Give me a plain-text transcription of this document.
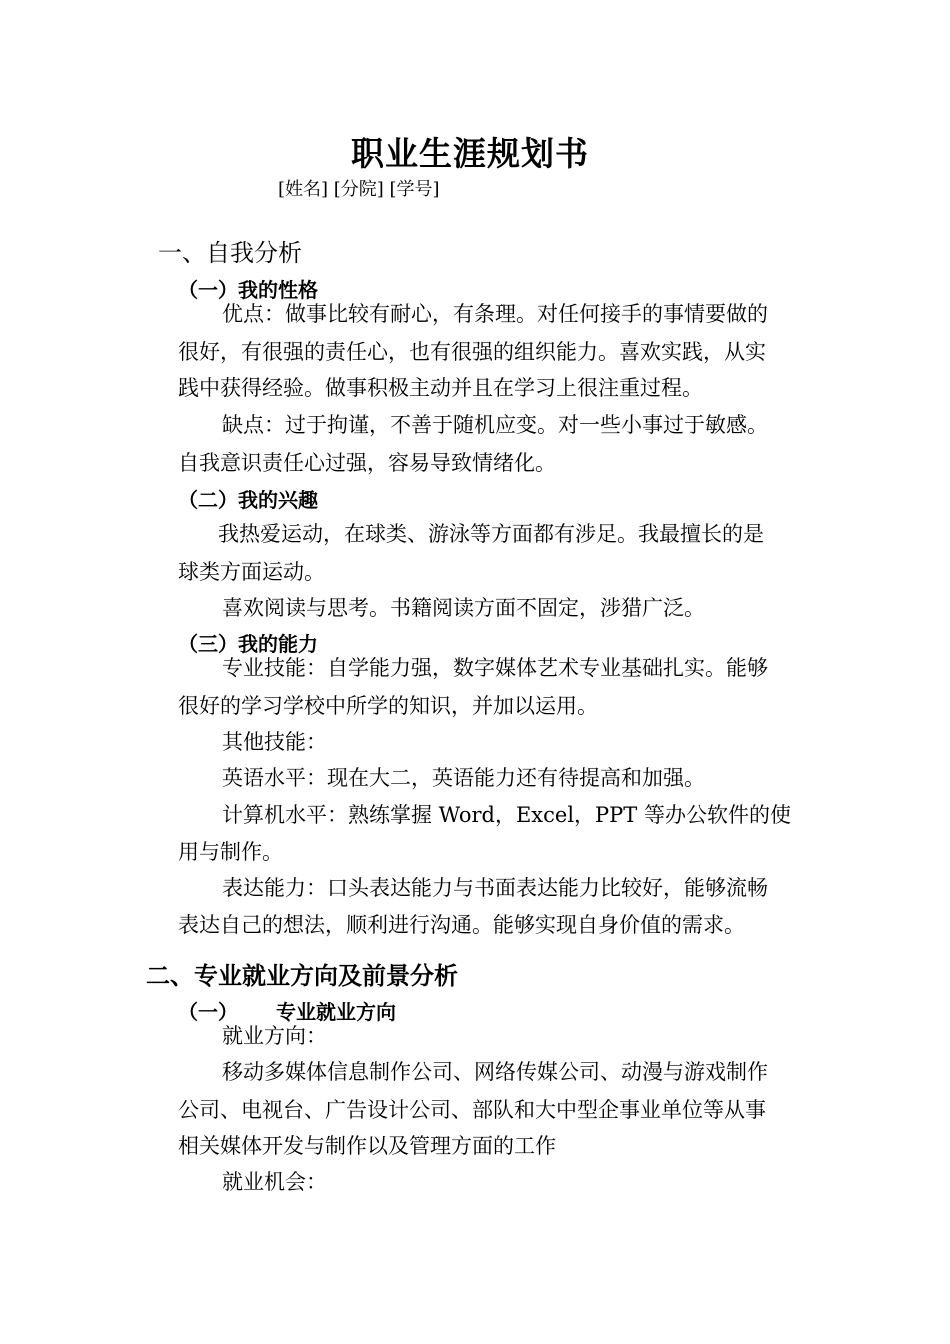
职业生涯规划书
[姓名] [分院] [学号]
一、自我分析
（一）我的性格
优点：做事比较有耐心，有条理。对任何接手的事情要做的
很好，有很强的责任心，也有很强的组织能力。喜欢实践，从实
践中获得经验。做事积极主动并且在学习上很注重过程。
缺点：过于拘谨，不善于随机应变。对一些小事过于敏感。
自我意识责任心过强，容易导致情绪化。
（二）我的兴趣
我热爱运动，在球类、游泳等方面都有涉足。我最擅长的是
球类方面运动。
喜欢阅读与思考。书籍阅读方面不固定，涉猎广泛。
（三）我的能力
专业技能：自学能力强，数字媒体艺术专业基础扎实。能够
很好的学习学校中所学的知识，并加以运用。
其他技能：
英语水平：现在大二，英语能力还有待提高和加强。
计算机水平：熟练掌握 Word，Excel，PPT 等办公软件的使
用与制作。
表达能力：口头表达能力与书面表达能力比较好，能够流畅
表达自己的想法，顺利进行沟通。能够实现自身价值的需求。
二、专业就业方向及前景分析
（一） 专业就业方向
就业方向：
移动多媒体信息制作公司、网络传媒公司、动漫与游戏制作
公司、电视台、广告设计公司、部队和大中型企事业单位等从事
相关媒体开发与制作以及管理方面的工作
就业机会：
